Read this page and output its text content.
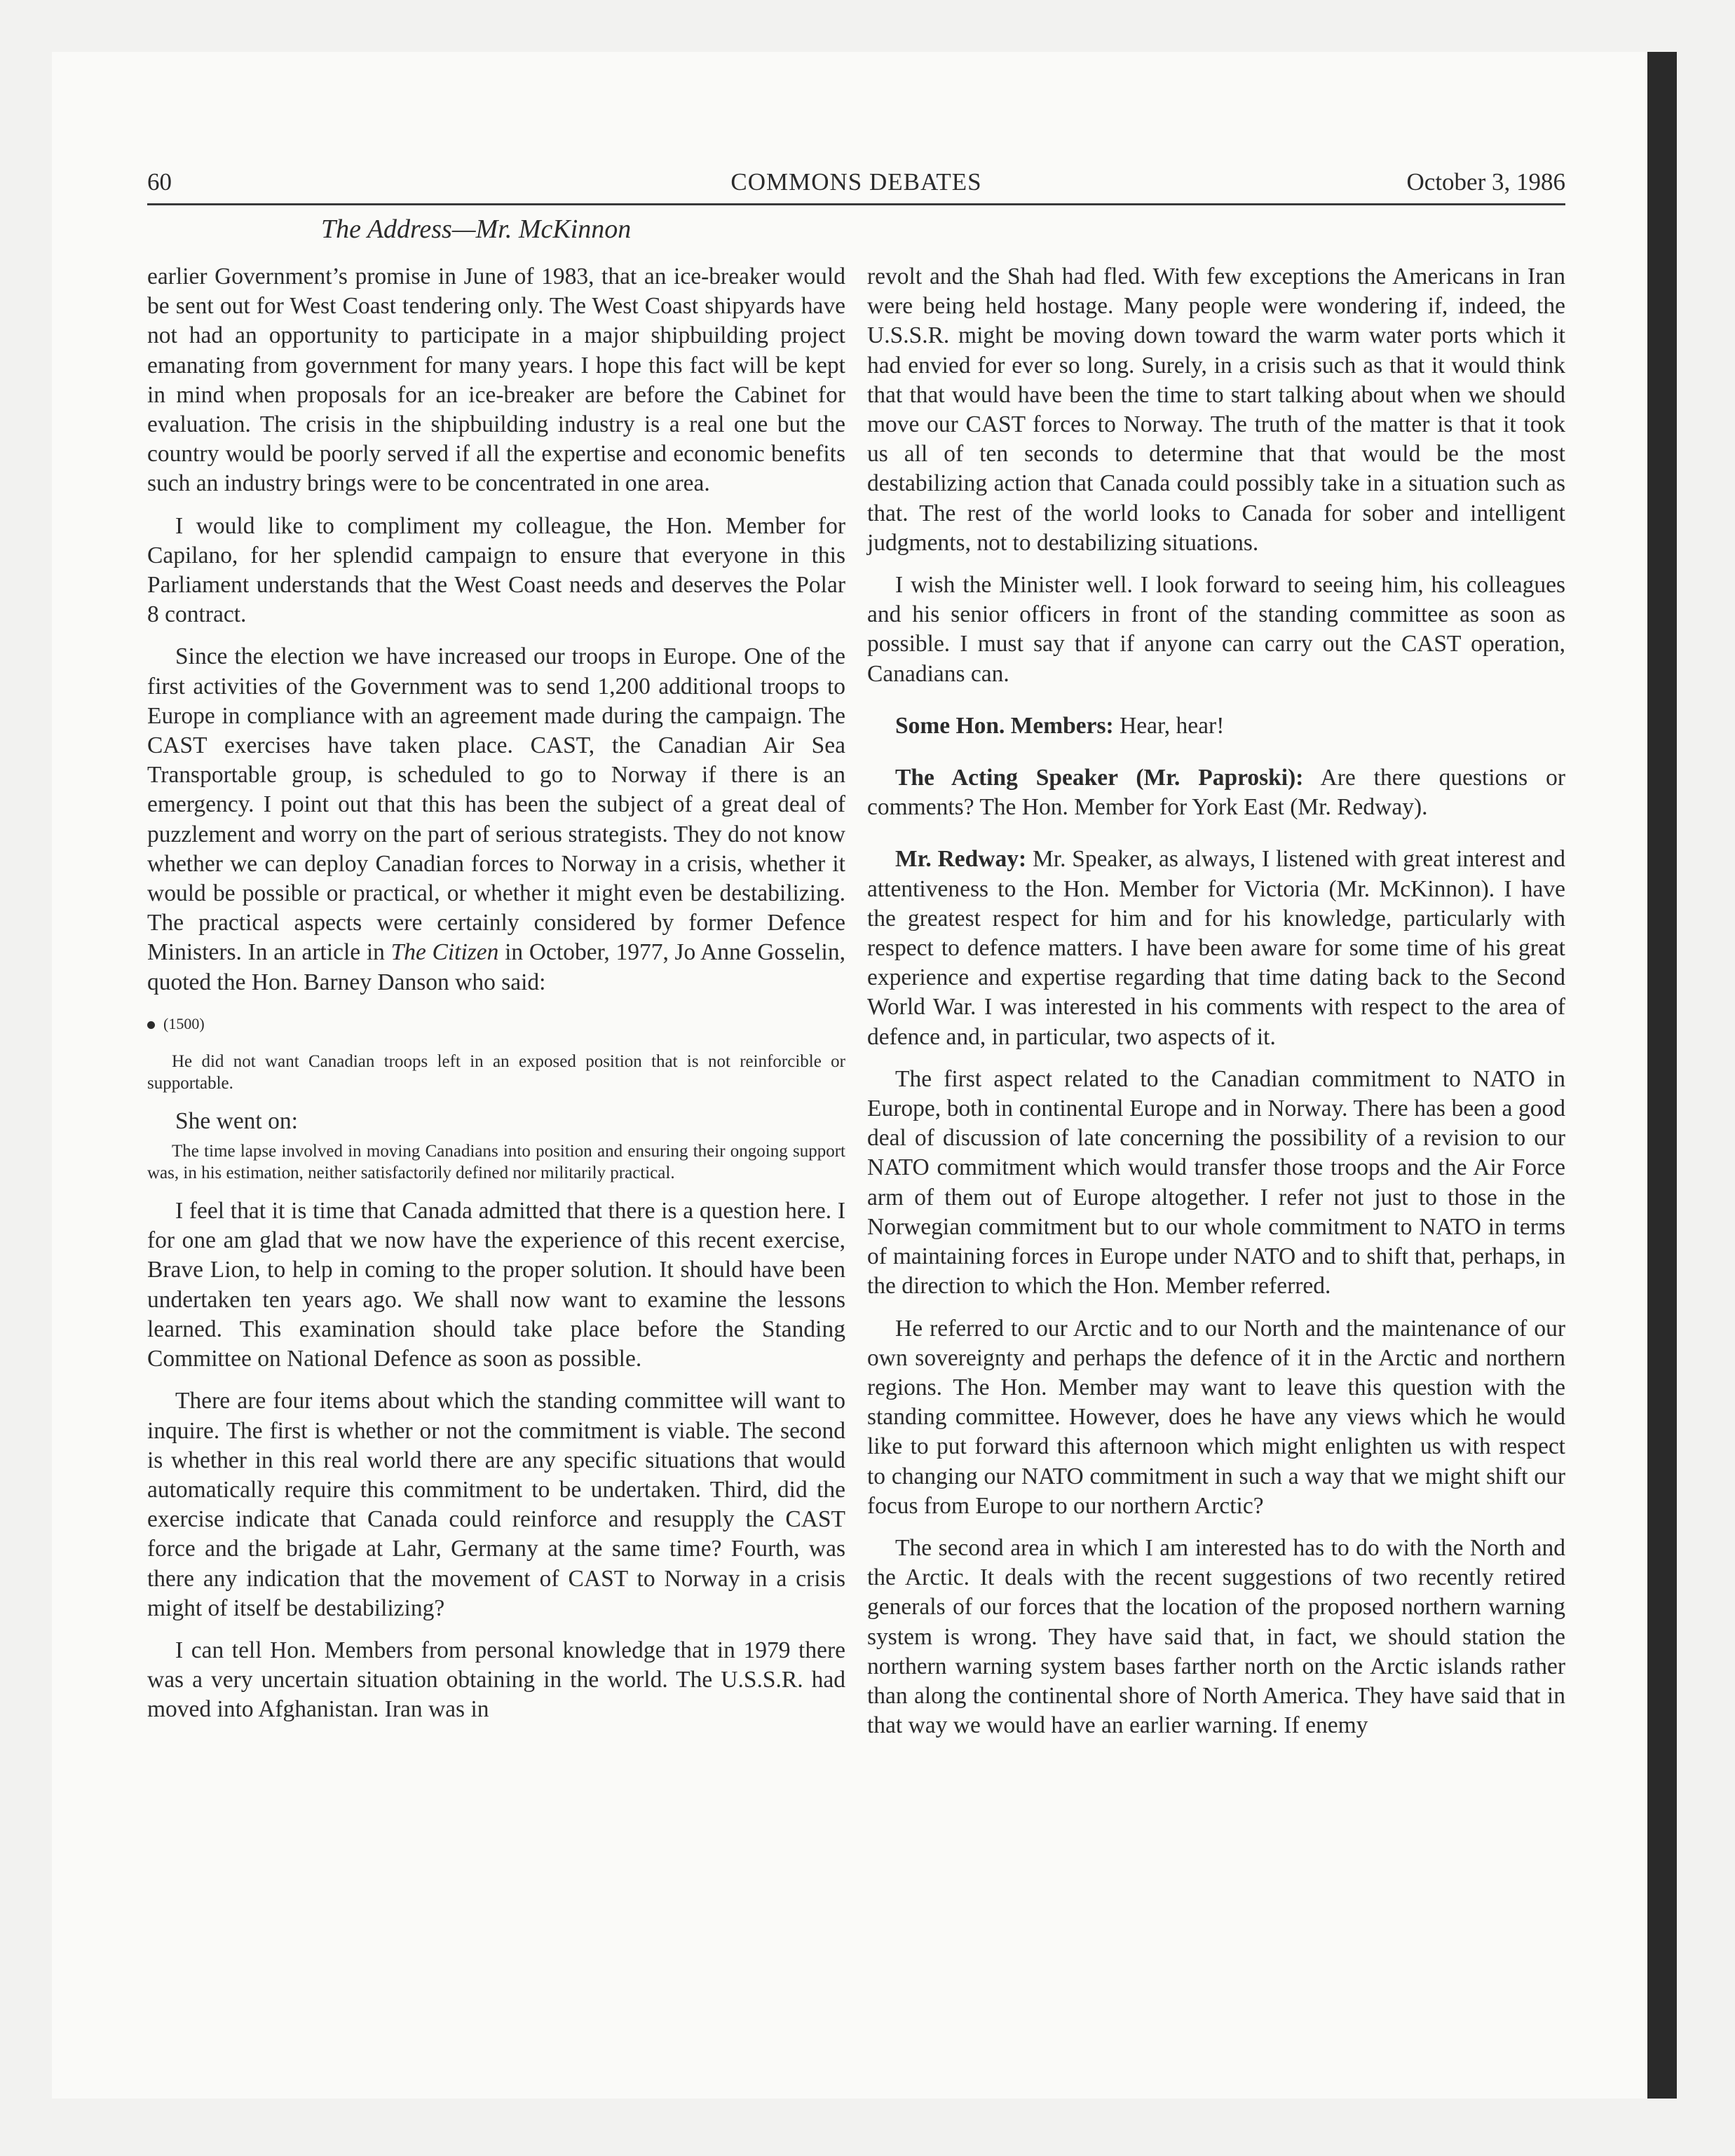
60	COMMONS DEBATES	October 3, 1986
The Address—Mr. McKinnon

earlier Government’s promise in June of 1983, that an ice-breaker would be sent out for West Coast tendering only. The West Coast shipyards have not had an opportunity to participate in a major shipbuilding project emanating from government for many years. I hope this fact will be kept in mind when proposals for an ice-breaker are before the Cabinet for evaluation. The crisis in the shipbuilding industry is a real one but the country would be poorly served if all the expertise and economic benefits such an industry brings were to be concentrated in one area.

I would like to compliment my colleague, the Hon. Member for Capilano, for her splendid campaign to ensure that everyone in this Parliament understands that the West Coast needs and deserves the Polar 8 contract.

Since the election we have increased our troops in Europe. One of the first activities of the Government was to send 1,200 additional troops to Europe in compliance with an agreement made during the campaign. The CAST exercises have taken place. CAST, the Canadian Air Sea Transportable group, is scheduled to go to Norway if there is an emergency. I point out that this has been the subject of a great deal of puzzlement and worry on the part of serious strategists. They do not know whether we can deploy Canadian forces to Norway in a crisis, whether it would be possible or practical, or whether it might even be destabilizing. The practical aspects were certainly considered by former Defence Ministers. In an article in The Citizen in October, 1977, Jo Anne Gosselin, quoted the Hon. Barney Danson who said:

(1500)

He did not want Canadian troops left in an exposed position that is not reinforcible or supportable.

She went on:

The time lapse involved in moving Canadians into position and ensuring their ongoing support was, in his estimation, neither satisfactorily defined nor militarily practical.

I feel that it is time that Canada admitted that there is a question here. I for one am glad that we now have the experience of this recent exercise, Brave Lion, to help in coming to the proper solution. It should have been undertaken ten years ago. We shall now want to examine the lessons learned. This examination should take place before the Standing Committee on National Defence as soon as possible.

There are four items about which the standing committee will want to inquire. The first is whether or not the commitment is viable. The second is whether in this real world there are any specific situations that would automatically require this commitment to be undertaken. Third, did the exercise indicate that Canada could reinforce and resupply the CAST force and the brigade at Lahr, Germany at the same time? Fourth, was there any indication that the movement of CAST to Norway in a crisis might of itself be destabilizing?

I can tell Hon. Members from personal knowledge that in 1979 there was a very uncertain situation obtaining in the world. The U.S.S.R. had moved into Afghanistan. Iran was in

revolt and the Shah had fled. With few exceptions the Americans in Iran were being held hostage. Many people were wondering if, indeed, the U.S.S.R. might be moving down toward the warm water ports which it had envied for ever so long. Surely, in a crisis such as that it would think that that would have been the time to start talking about when we should move our CAST forces to Norway. The truth of the matter is that it took us all of ten seconds to determine that that would be the most destabilizing action that Canada could possibly take in a situation such as that. The rest of the world looks to Canada for sober and intelligent judgments, not to destabilizing situations.

I wish the Minister well. I look forward to seeing him, his colleagues and his senior officers in front of the standing committee as soon as possible. I must say that if anyone can carry out the CAST operation, Canadians can.

Some Hon. Members: Hear, hear!

The Acting Speaker (Mr. Paproski): Are there questions or comments? The Hon. Member for York East (Mr. Redway).

Mr. Redway: Mr. Speaker, as always, I listened with great interest and attentiveness to the Hon. Member for Victoria (Mr. McKinnon). I have the greatest respect for him and for his knowledge, particularly with respect to defence matters. I have been aware for some time of his great experience and expertise regarding that time dating back to the Second World War. I was interested in his comments with respect to the area of defence and, in particular, two aspects of it.

The first aspect related to the Canadian commitment to NATO in Europe, both in continental Europe and in Norway. There has been a good deal of discussion of late concerning the possibility of a revision to our NATO commitment which would transfer those troops and the Air Force arm of them out of Europe altogether. I refer not just to those in the Norwegian commitment but to our whole commitment to NATO in terms of maintaining forces in Europe under NATO and to shift that, perhaps, in the direction to which the Hon. Member referred.

He referred to our Arctic and to our North and the maintenance of our own sovereignty and perhaps the defence of it in the Arctic and northern regions. The Hon. Member may want to leave this question with the standing committee. However, does he have any views which he would like to put forward this afternoon which might enlighten us with respect to changing our NATO commitment in such a way that we might shift our focus from Europe to our northern Arctic?

The second area in which I am interested has to do with the North and the Arctic. It deals with the recent suggestions of two recently retired generals of our forces that the location of the proposed northern warning system is wrong. They have said that, in fact, we should station the northern warning system bases farther north on the Arctic islands rather than along the continental shore of North America. They have said that in that way we would have an earlier warning. If enemy
